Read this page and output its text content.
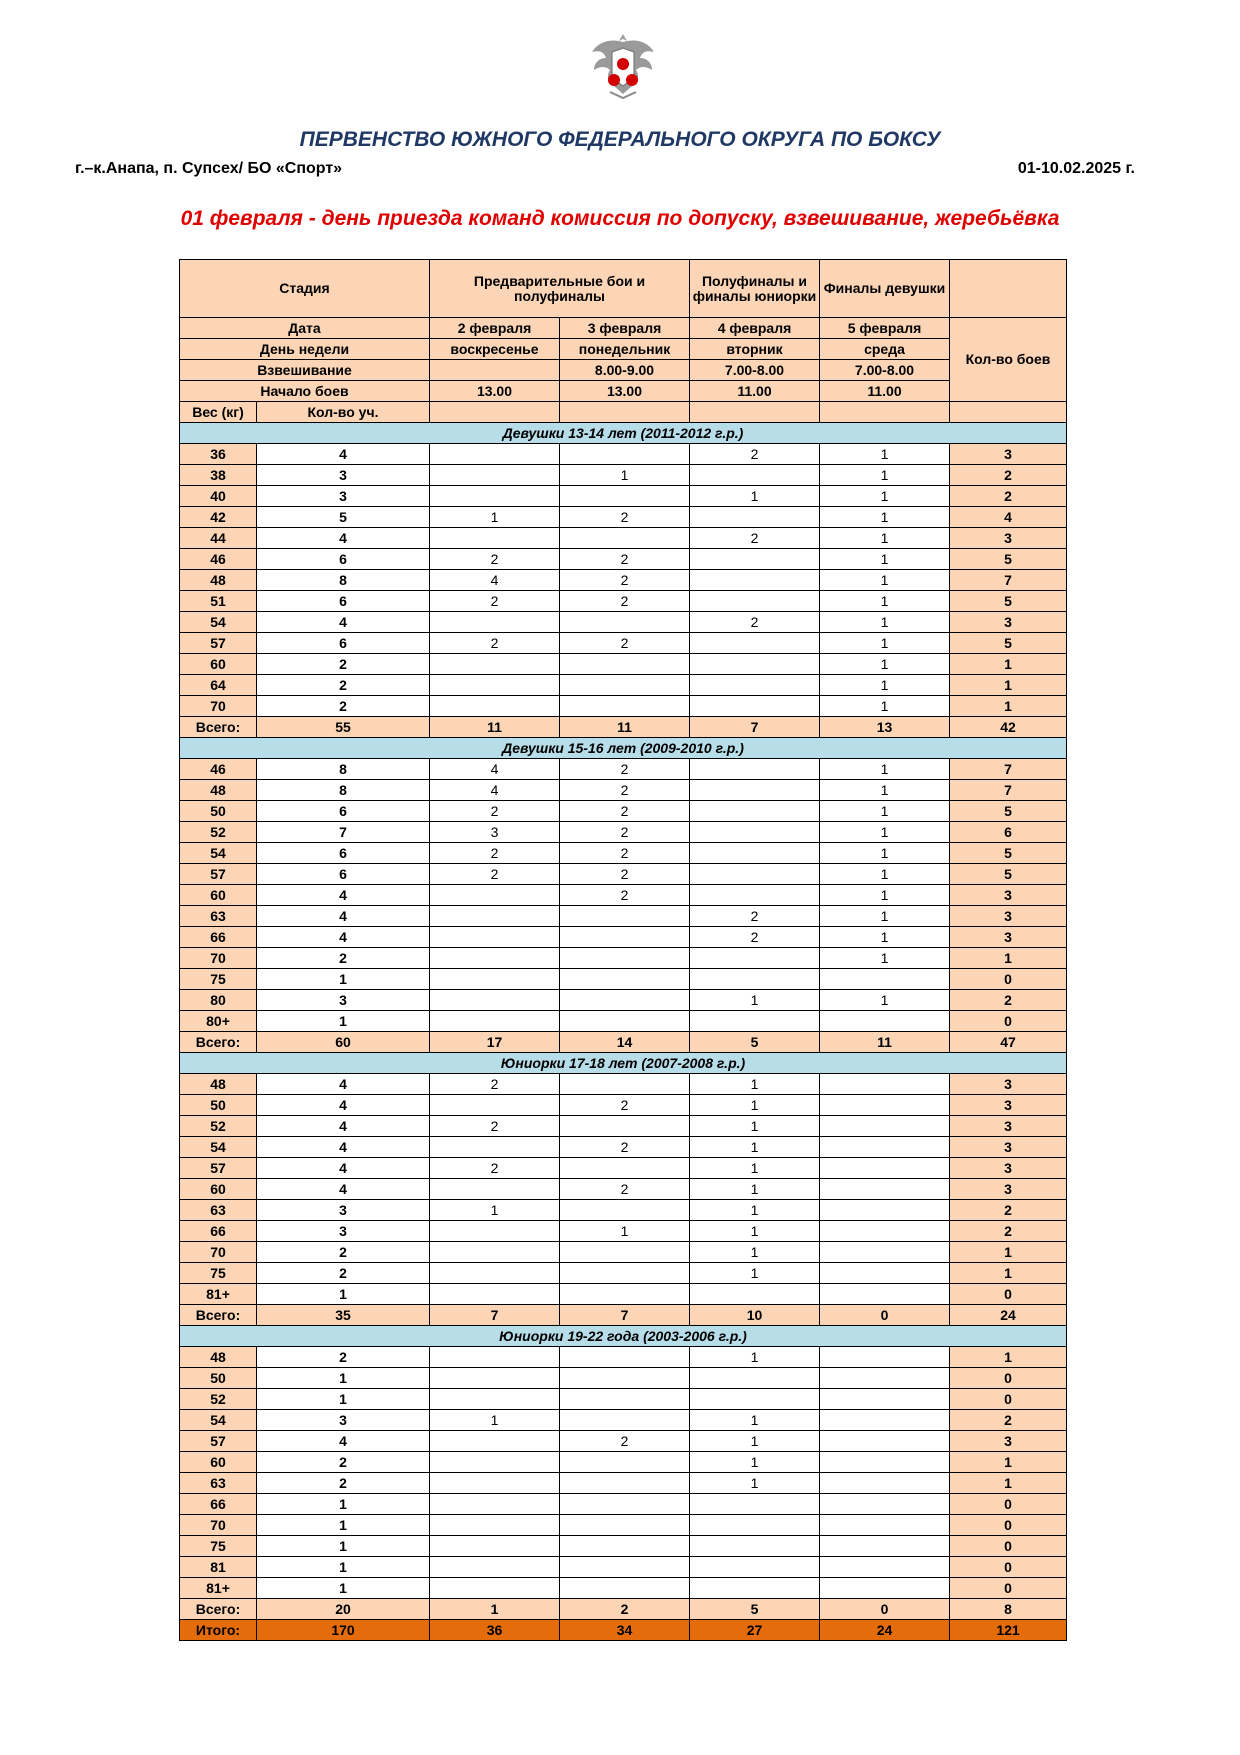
ПЕРВЕНСТВО ЮЖНОГО ФЕДЕРАЛЬНОГО ОКРУГА ПО БОКСУ
г.–к.Анапа, п. Супсех/ БО «Спорт»	01-10.02.2025 г.
01 февраля - день приезда команд комиссия по допуску, взвешивание, жеребьёвка
Стадия		Предварительные бои и полуфиналы		Полуфиналы и финалы юниорки	Финалы девушки	
Дата		2 февраля	3 февраля	4 февраля	5 февраля	Кол-во боев
День недели		воскресенье	понедельник	вторник	среда	
Взвешивание			8.00-9.00	7.00-8.00	7.00-8.00	
Начало боев		13.00	13.00	11.00	11.00	
Вес (кг)	Кол-во уч.					
Девушки 13-14 лет (2011-2012 г.р.)						
36	4			2	1	3
38	3		1		1	2
40	3			1	1	2
42	5	1	2		1	4
44	4			2	1	3
46	6	2	2		1	5
48	8	4	2		1	7
51	6	2	2		1	5
54	4			2	1	3
57	6	2	2		1	5
60	2				1	1
64	2				1	1
70	2				1	1
Всего:	55	11	11	7	13	42
Девушки 15-16 лет (2009-2010 г.р.)						
46	8	4	2		1	7
48	8	4	2		1	7
50	6	2	2		1	5
52	7	3	2		1	6
54	6	2	2		1	5
57	6	2	2		1	5
60	4		2		1	3
63	4			2	1	3
66	4			2	1	3
70	2				1	1
75	1					0
80	3			1	1	2
80+	1					0
Всего:	60	17	14	5	11	47
Юниорки 17-18 лет (2007-2008 г.р.)						
48	4	2		1		3
50	4		2	1		3
52	4	2		1		3
54	4		2	1		3
57	4	2		1		3
60	4		2	1		3
63	3	1		1		2
66	3		1	1		2
70	2			1		1
75	2			1		1
81+	1					0
Всего:	35	7	7	10	0	24
Юниорки 19-22 года (2003-2006 г.р.)						
48	2			1		1
50	1					0
52	1					0
54	3	1		1		2
57	4		2	1		3
60	2			1		1
63	2			1		1
66	1					0
70	1					0
75	1					0
81	1					0
81+	1					0
Всего:	20	1	2	5	0	8
Итого:	170	36	34	27	24	121
